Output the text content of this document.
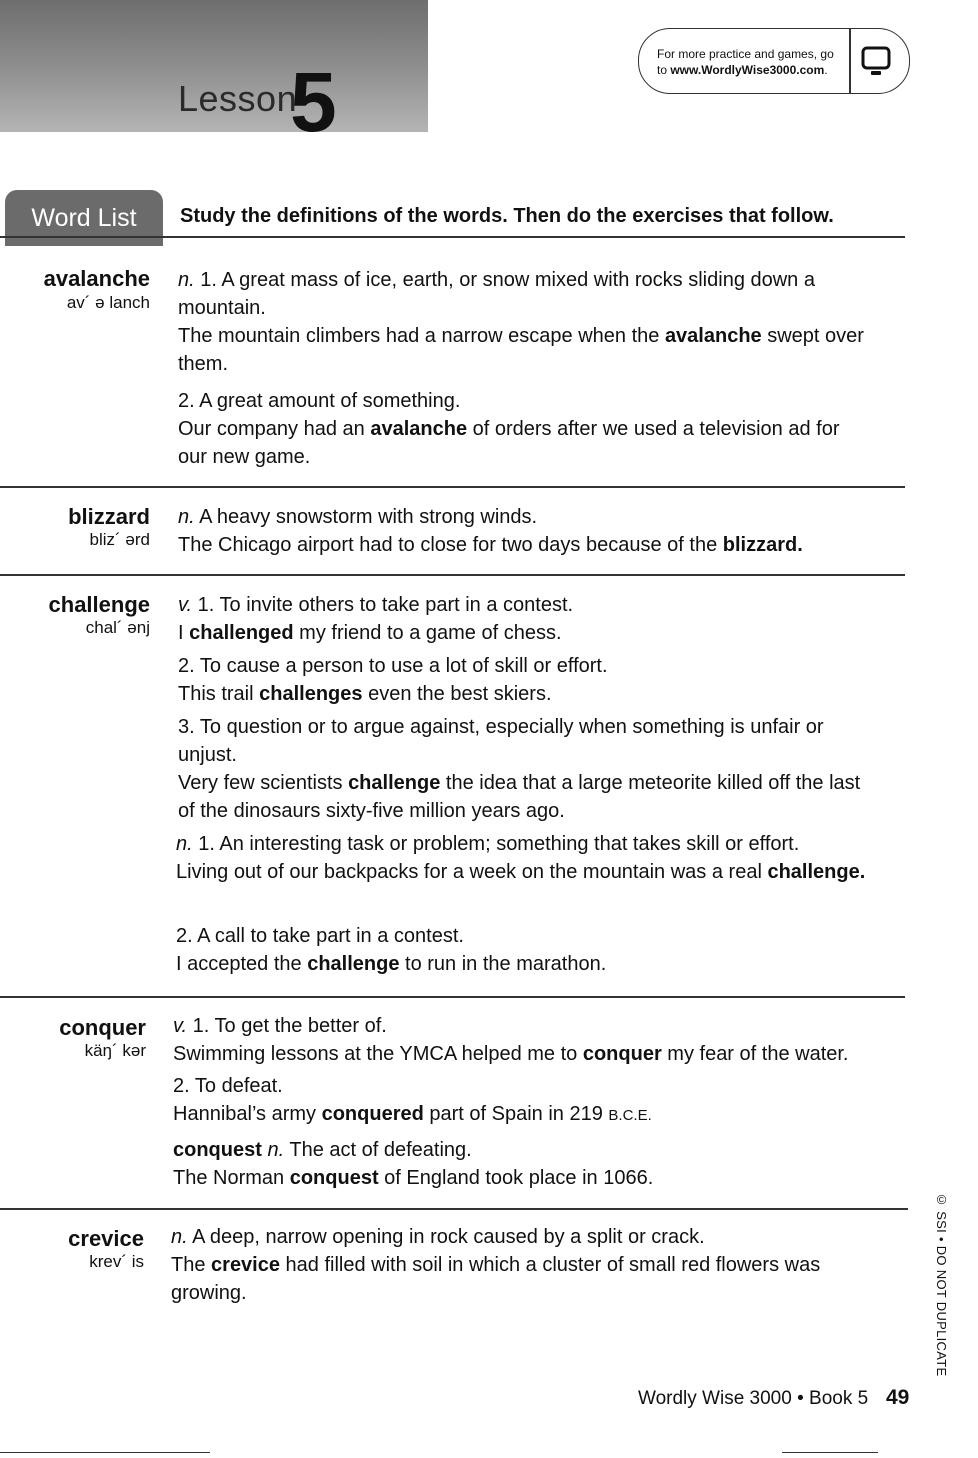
Lesson
5
For more practice and games, go to www.WordlyWise3000.com.
Word List	Study the definitions of the words. Then do the exercises that follow.
avalanche
av´ ə lanch
n. 1. A great mass of ice, earth, or snow mixed with rocks sliding down a mountain.
The mountain climbers had a narrow escape when the avalanche swept over them.
2. A great amount of something.
Our company had an avalanche of orders after we used a television ad for our new game.
blizzard
bliz´ ərd
n. A heavy snowstorm with strong winds.
The Chicago airport had to close for two days because of the blizzard.
challenge
chal´ ənj
v. 1. To invite others to take part in a contest.
I challenged my friend to a game of chess.
2. To cause a person to use a lot of skill or effort.
This trail challenges even the best skiers.
3. To question or to argue against, especially when something is unfair or unjust.
Very few scientists challenge the idea that a large meteorite killed off the last of the dinosaurs sixty-five million years ago.
n. 1. An interesting task or problem; something that takes skill or effort.
Living out of our backpacks for a week on the mountain was a real challenge.
2. A call to take part in a contest.
I accepted the challenge to run in the marathon.
conquer
käŋ´ kər
v. 1. To get the better of.
Swimming lessons at the YMCA helped me to conquer my fear of the water.
2. To defeat.
Hannibal’s army conquered part of Spain in 219 B.C.E.
conquest n. The act of defeating.
The Norman conquest of England took place in 1066.
crevice
krev´ is
n. A deep, narrow opening in rock caused by a split or crack.
The crevice had filled with soil in which a cluster of small red flowers was growing.	© SSI • DO NOT DUPLICATE
Wordly Wise 3000 • Book 5 49
